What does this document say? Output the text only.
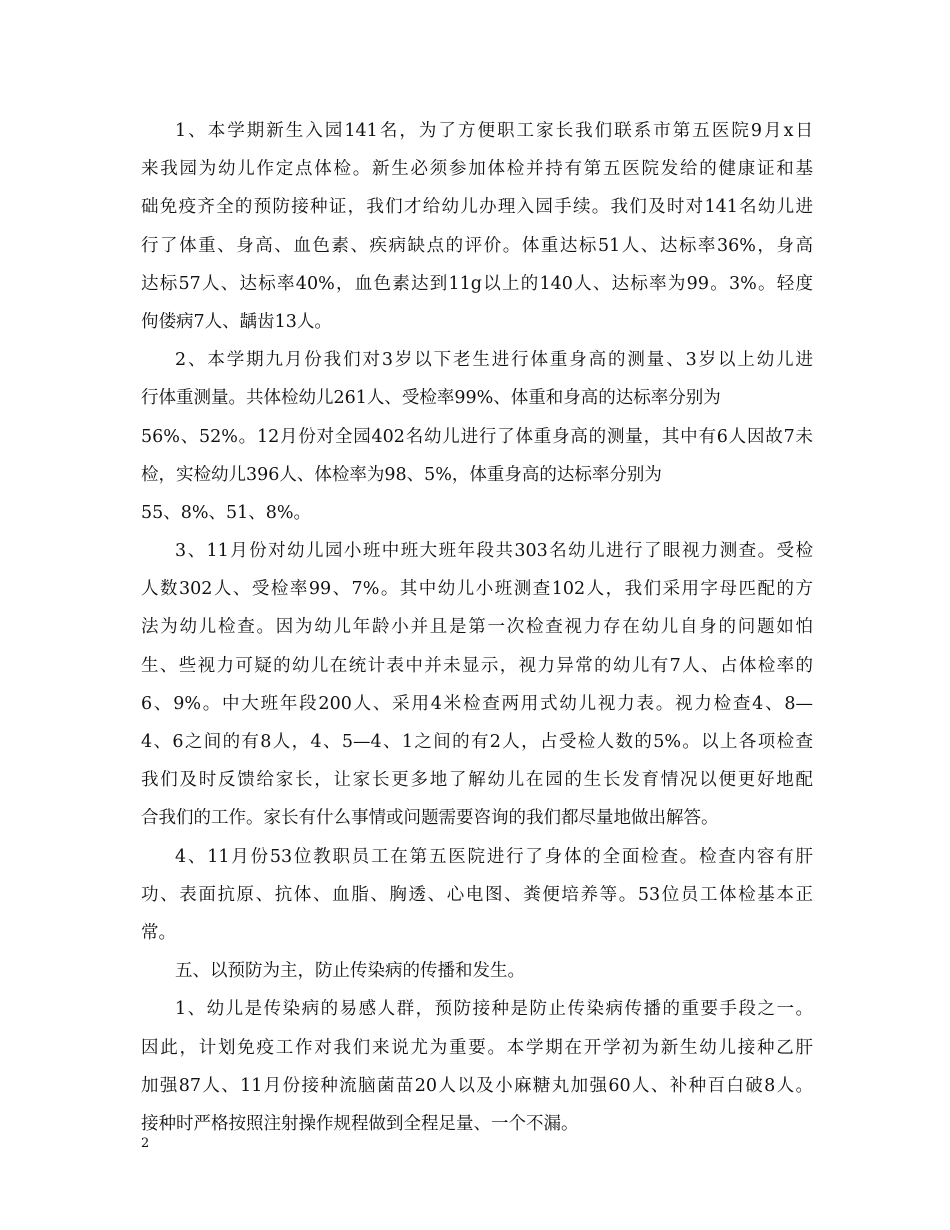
1、本学期新生入园141名，为了方便职工家长我们联系市第五医院9月x日
来我园为幼儿作定点体检。新生必须参加体检并持有第五医院发给的健康证和基
础免疫齐全的预防接种证，我们才给幼儿办理入园手续。我们及时对141名幼儿进
行了体重、身高、血色素、疾病缺点的评价。体重达标51人、达标率36%，身高
达标57人、达标率40%，血色素达到11g以上的140人、达标率为99。3%。轻度
佝偻病7人、龋齿13人。
2、本学期九月份我们对3岁以下老生进行体重身高的测量、3岁以上幼儿进
行体重测量。共体检幼儿261人、受检率99%、体重和身高的达标率分别为
56%、52%。12月份对全园402名幼儿进行了体重身高的测量，其中有6人因故7未
检，实检幼儿396人、体检率为98、5%，体重身高的达标率分别为
55、8%、51、8%。
3、11月份对幼儿园小班中班大班年段共303名幼儿进行了眼视力测查。受检
人数302人、受检率99、7%。其中幼儿小班测查102人，我们采用字母匹配的方
法为幼儿检查。因为幼儿年龄小并且是第一次检查视力存在幼儿自身的问题如怕
生、些视力可疑的幼儿在统计表中并未显示，视力异常的幼儿有7人、占体检率的
6、9%。中大班年段200人、采用4米检查两用式幼儿视力表。视力检查4、8—
4、6之间的有8人，4、5—4、1之间的有2人，占受检人数的5%。以上各项检查
我们及时反馈给家长，让家长更多地了解幼儿在园的生长发育情况以便更好地配
合我们的工作。家长有什么事情或问题需要咨询的我们都尽量地做出解答。
4、11月份53位教职员工在第五医院进行了身体的全面检查。检查内容有肝
功、表面抗原、抗体、血脂、胸透、心电图、粪便培养等。53位员工体检基本正
常。
五、以预防为主，防止传染病的传播和发生。
1、幼儿是传染病的易感人群，预防接种是防止传染病传播的重要手段之一。
因此，计划免疫工作对我们来说尤为重要。本学期在开学初为新生幼儿接种乙肝
加强87人、11月份接种流脑菌苗20人以及小麻糖丸加强60人、补种百白破8人。
接种时严格按照注射操作规程做到全程足量、一个不漏。
2
